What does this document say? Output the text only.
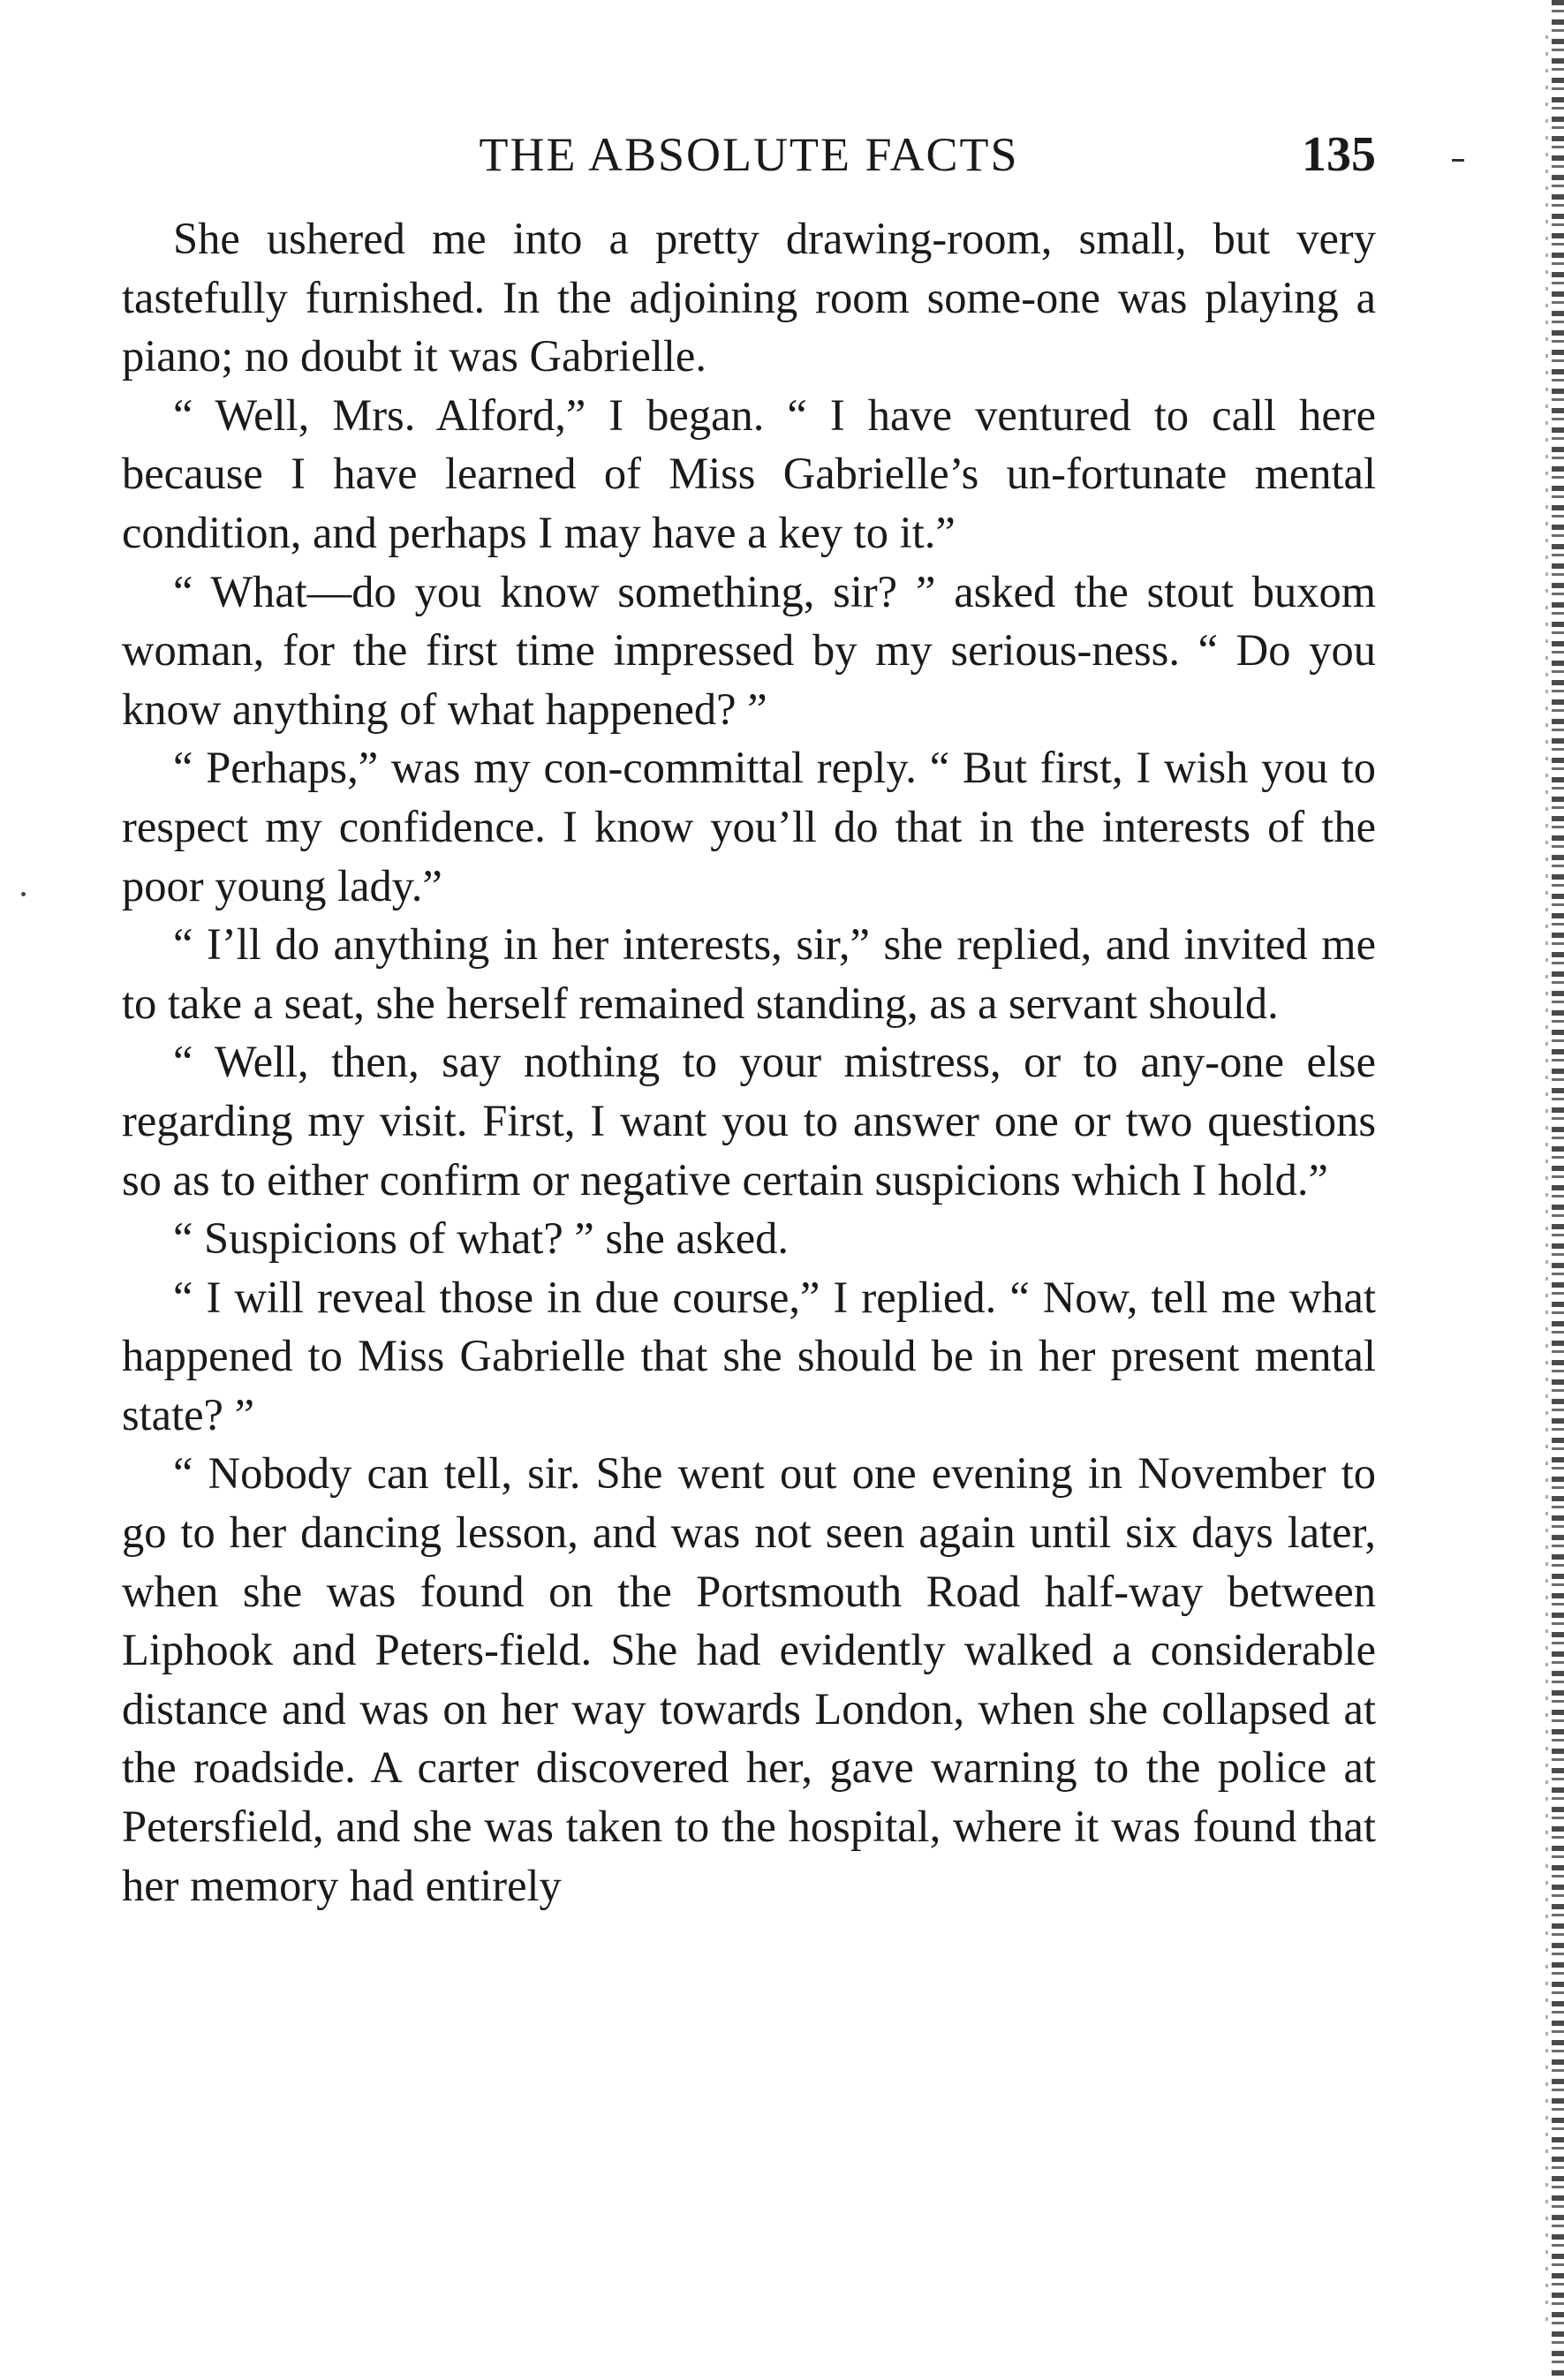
THE ABSOLUTE FACTS	135

She ushered me into a pretty drawing-room, small, but very tastefully furnished. In the adjoining room some-one was playing a piano; no doubt it was Gabrielle.

“ Well, Mrs. Alford,” I began. “ I have ventured to call here because I have learned of Miss Gabrielle’s un-fortunate mental condition, and perhaps I may have a key to it.”

“ What—do you know something, sir? ” asked the stout buxom woman, for the first time impressed by my serious-ness. “ Do you know anything of what happened? ”

“ Perhaps,” was my con-committal reply. “ But first, I wish you to respect my confidence. I know you’ll do that in the interests of the poor young lady.”

“ I’ll do anything in her interests, sir,” she replied, and invited me to take a seat, she herself remained standing, as a servant should.

“ Well, then, say nothing to your mistress, or to any-one else regarding my visit. First, I want you to answer one or two questions so as to either confirm or negative certain suspicions which I hold.”

“ Suspicions of what? ” she asked.

“ I will reveal those in due course,” I replied. “ Now, tell me what happened to Miss Gabrielle that she should be in her present mental state? ”

“ Nobody can tell, sir. She went out one evening in November to go to her dancing lesson, and was not seen again until six days later, when she was found on the Portsmouth Road half-way between Liphook and Peters-field. She had evidently walked a considerable distance and was on her way towards London, when she collapsed at the roadside. A carter discovered her, gave warning to the police at Petersfield, and she was taken to the hospital, where it was found that her memory had entirely
